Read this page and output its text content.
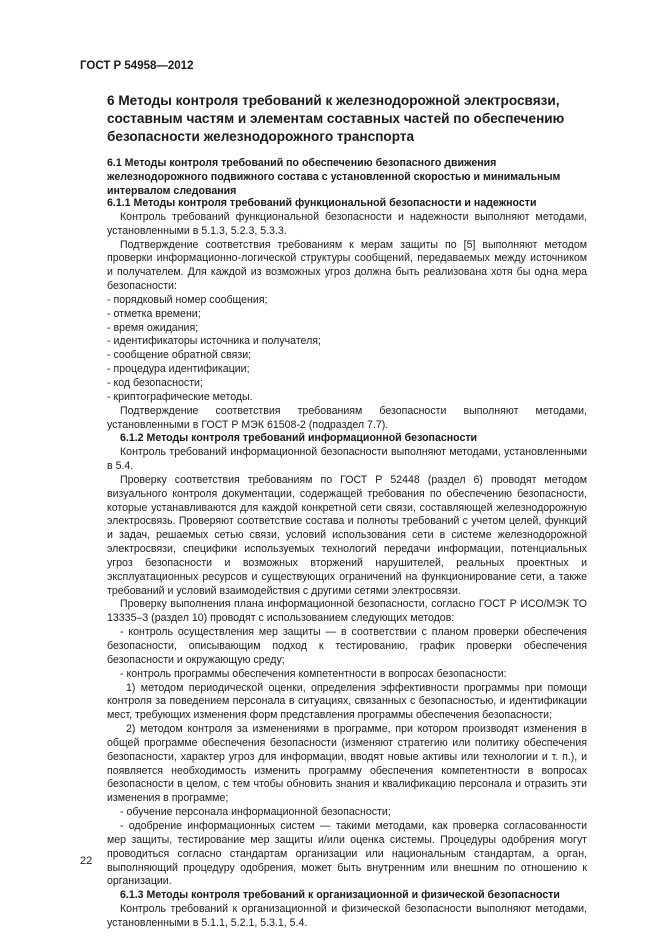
ГОСТ Р 54958—2012
6 Методы контроля требований к железнодорожной электросвязи, составным частям и элементам составных частей по обеспечению безопасности железнодорожного транспорта
6.1 Методы контроля требований по обеспечению безопасного движения железнодорожного подвижного состава с установленной скоростью и минимальным интервалом следования

6.1.1 Методы контроля требований функциональной безопасности и надежности

Контроль требований функциональной безопасности и надежности выполняют методами, установленными в 5.1.3, 5.2.3, 5.3.3.

Подтверждение соответствия требованиям к мерам защиты по [5] выполняют методом проверки информационно-логической структуры сообщений, передаваемых между источником и получателем. Для каждой из возможных угроз должна быть реализована хотя бы одна мера безопасности:

- порядковый номер сообщения;

- отметка времени;

- время ожидания;

- идентификаторы источника и получателя;

- сообщение обратной связи;

- процедура идентификации;

- код безопасности;

- криптографические методы.

Подтверждение соответствия требованиям безопасности выполняют методами, установленными в ГОСТ Р МЭК 61508-2 (подраздел 7.7).

6.1.2 Методы контроля требований информационной безопасности

Контроль требований информационной безопасности выполняют методами, установленными в 5.4.

Проверку соответствия требованиям по ГОСТ Р 52448 (раздел 6) проводят методом визуального контроля документации, содержащей требования по обеспечению безопасности, которые устанавливаются для каждой конкретной сети связи, составляющей железнодорожную электросвязь. Проверяют соответствие состава и полноты требований с учетом целей, функций и задач, решаемых сетью связи, условий использования сети в системе железнодорожной электросвязи, специфики используемых технологий передачи информации, потенциальных угроз безопасности и возможных вторжений нарушителей, реальных проектных и эксплуатационных ресурсов и существующих ограничений на функционирование сети, а также требований и условий взаимодействия с другими сетями электросвязи.

Проверку выполнения плана информационной безопасности, согласно ГОСТ Р ИСО/МЭК ТО 13335–3 (раздел 10) проводят с использованием следующих методов:

- контроль осуществления мер защиты — в соответствии с планом проверки обеспечения безопасности, описывающим подход к тестированию, график проверки обеспечения безопасности и окружающую среду;

- контроль программы обеспечения компетентности в вопросах безопасности:

1) методом периодической оценки, определения эффективности программы при помощи контроля за поведением персонала в ситуациях, связанных с безопасностью, и идентификации мест, требующих изменения форм представления программы обеспечения безопасности;

2) методом контроля за изменениями в программе, при котором производят изменения в общей программе обеспечения безопасности (изменяют стратегию или политику обеспечения безопасности, характер угроз для информации, вводят новые активы или технологии и т. п.), и появляется необходимость изменить программу обеспечения компетентности в вопросах безопасности в целом, с тем чтобы обновить знания и квалификацию персонала и отразить эти изменения в программе;

- обучение персонала информационной безопасности;

- одобрение информационных систем — такими методами, как проверка согласованности мер защиты, тестирование мер защиты и/или оценка системы. Процедуры одобрения могут проводиться согласно стандартам организации или национальным стандартам, а орган, выполняющий процедуру одобрения, может быть внутренним или внешним по отношению к организации.

6.1.3 Методы контроля требований к организационной и физической безопасности

Контроль требований к организационной и физической безопасности выполняют методами, установленными в 5.1.1, 5.2.1, 5.3.1, 5.4.

22
